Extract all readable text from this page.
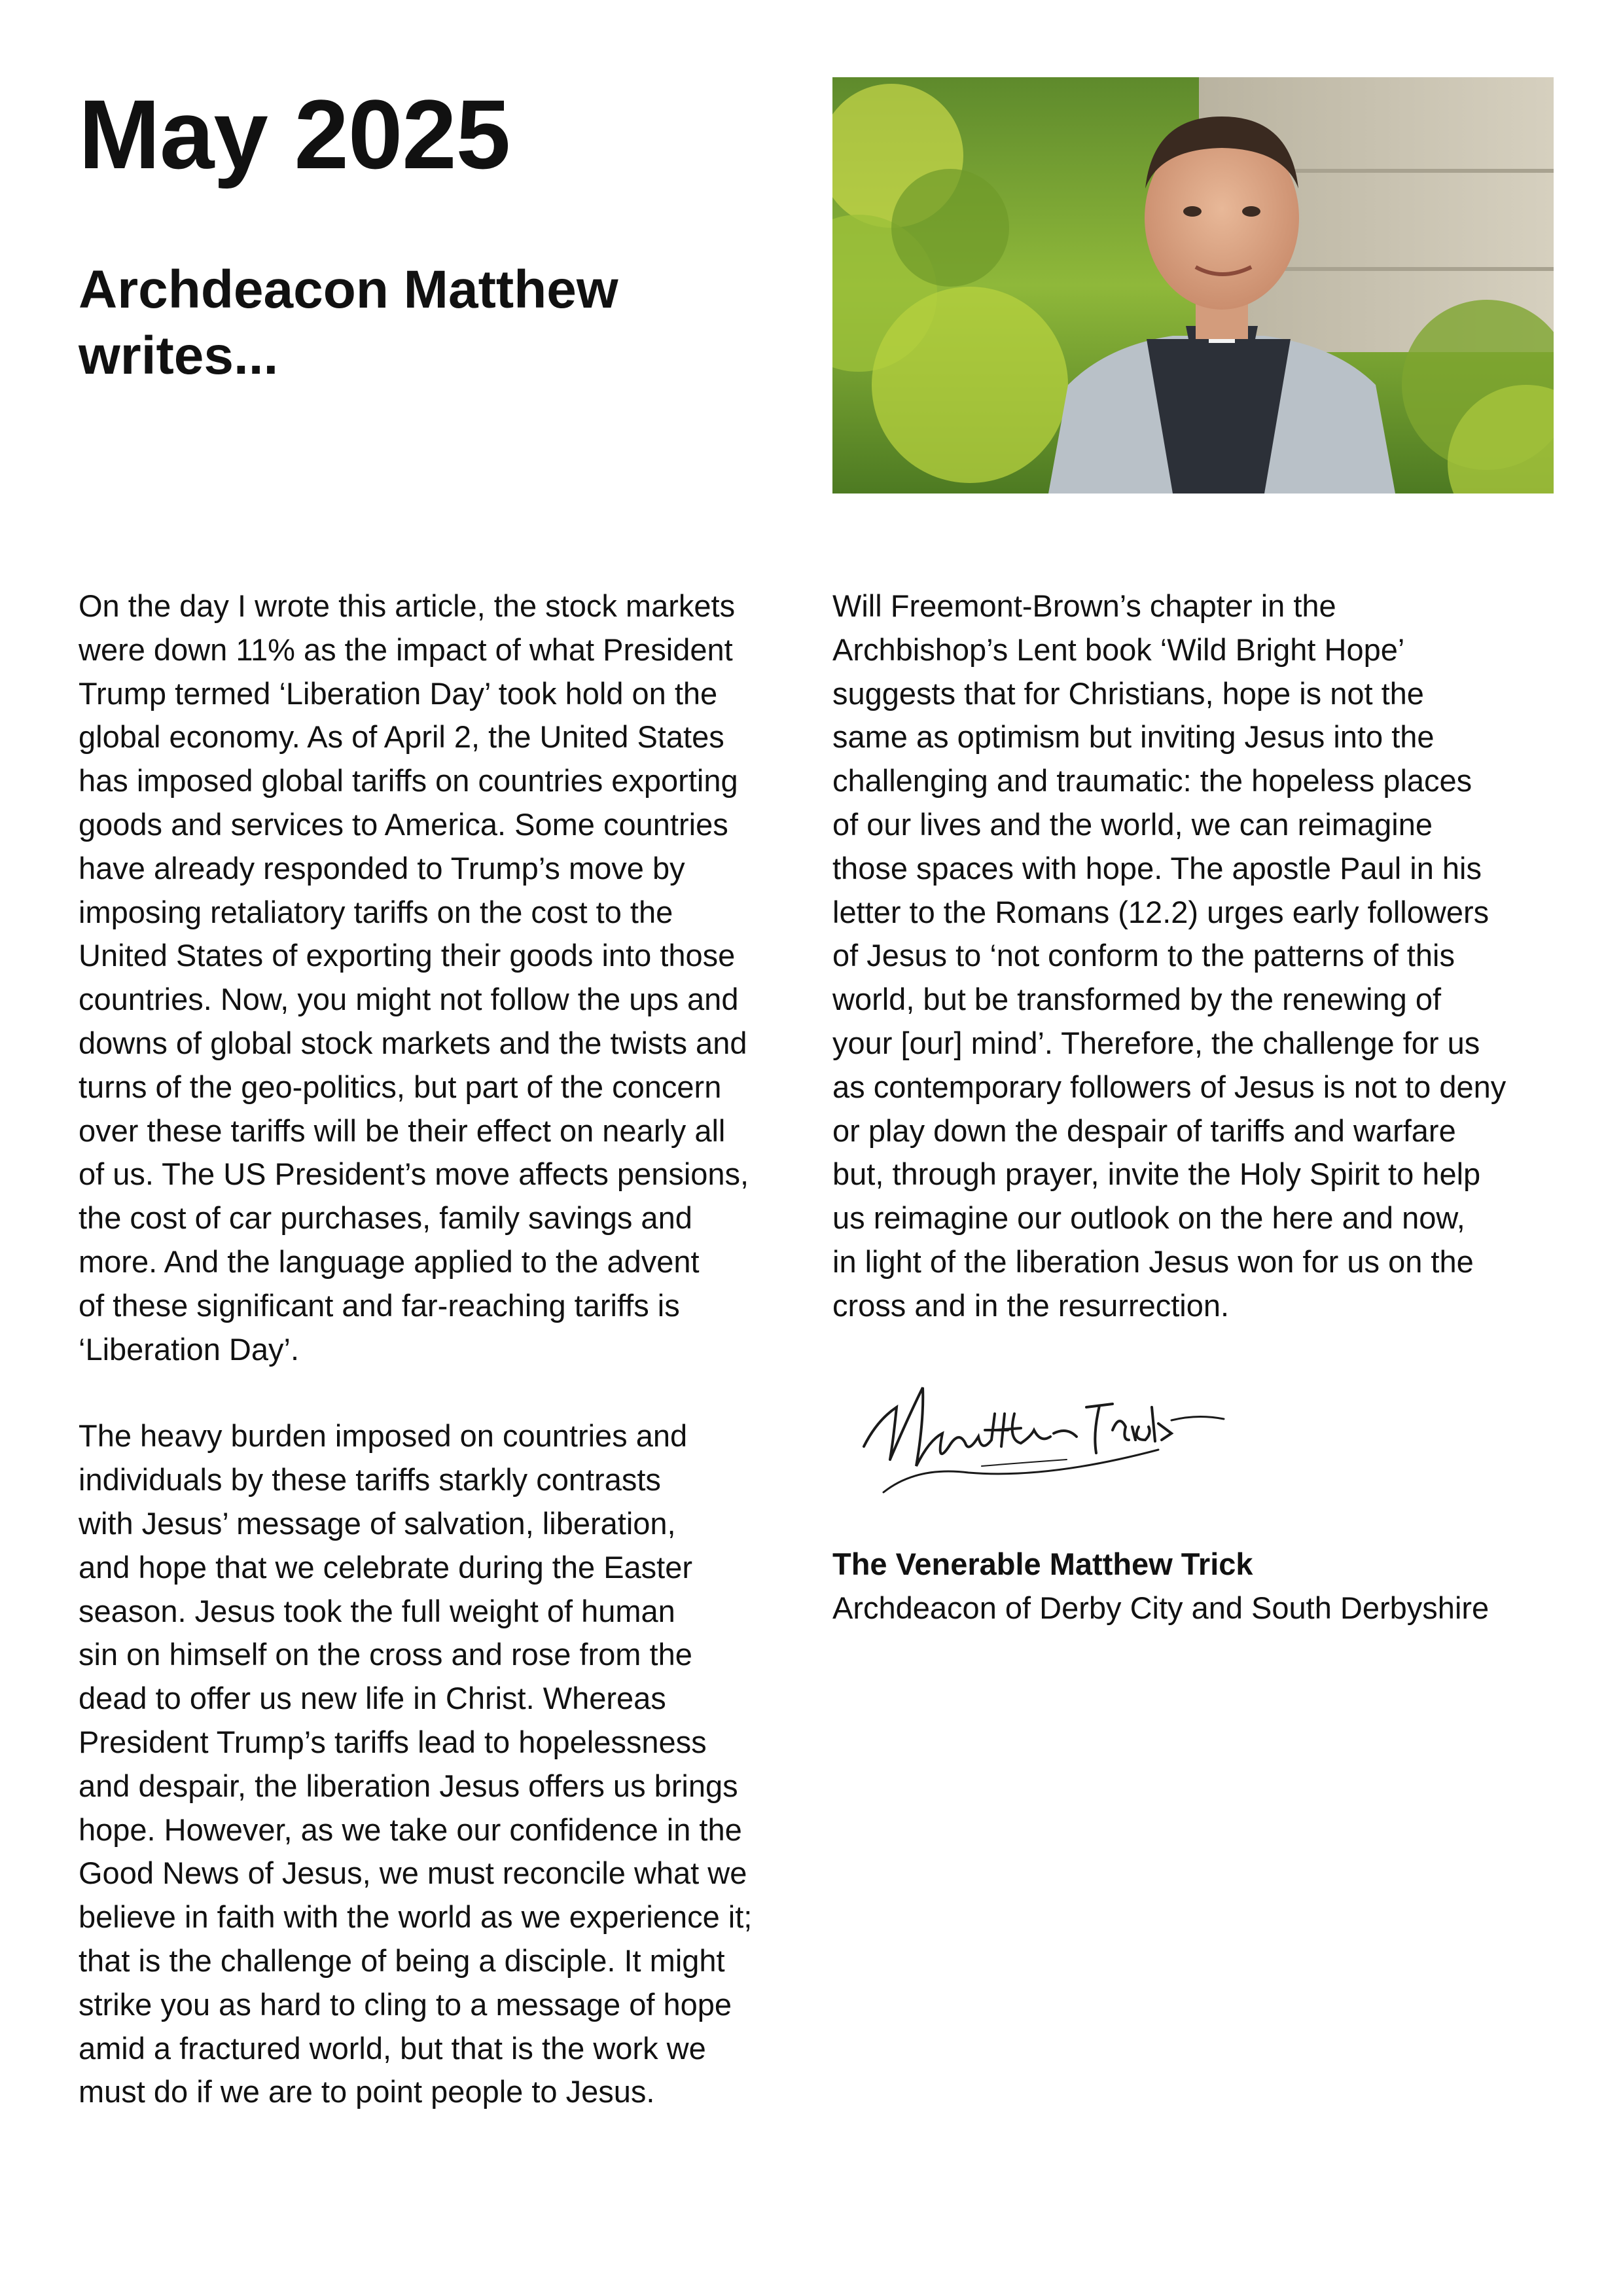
May 2025
Archdeacon Matthew writes...

On the day I wrote this article, the stock markets
were down 11% as the impact of what President
Trump termed ‘Liberation Day’ took hold on the
global economy. As of April 2, the United States
has imposed global tariffs on countries exporting
goods and services to America. Some countries
have already responded to Trump’s move by
imposing retaliatory tariffs on the cost to the
United States of exporting their goods into those
countries. Now, you might not follow the ups and
downs of global stock markets and the twists and
turns of the geo-politics, but part of the concern
over these tariffs will be their effect on nearly all
of us. The US President’s move affects pensions,
the cost of car purchases, family savings and
more. And the language applied to the advent
of these significant and far-reaching tariffs is
‘Liberation Day’.

The heavy burden imposed on countries and
individuals by these tariffs starkly contrasts
with Jesus’ message of salvation, liberation,
and hope that we celebrate during the Easter
season. Jesus took the full weight of human
sin on himself on the cross and rose from the
dead to offer us new life in Christ. Whereas
President Trump’s tariffs lead to hopelessness
and despair, the liberation Jesus offers us brings
hope. However, as we take our confidence in the
Good News of Jesus, we must reconcile what we
believe in faith with the world as we experience it;
that is the challenge of being a disciple. It might
strike you as hard to cling to a message of hope
amid a fractured world, but that is the work we
must do if we are to point people to Jesus.

Will Freemont-Brown’s chapter in the
Archbishop’s Lent book ‘Wild Bright Hope’
suggests that for Christians, hope is not the
same as optimism but inviting Jesus into the
challenging and traumatic: the hopeless places
of our lives and the world, we can reimagine
those spaces with hope. The apostle Paul in his
letter to the Romans (12.2) urges early followers
of Jesus to ‘not conform to the patterns of this
world, but be transformed by the renewing of
your [our] mind’. Therefore, the challenge for us
as contemporary followers of Jesus is not to deny
or play down the despair of tariffs and warfare
but, through prayer, invite the Holy Spirit to help
us reimagine our outlook on the here and now,
in light of the liberation Jesus won for us on the
cross and in the resurrection.

The Venerable Matthew Trick
Archdeacon of Derby City and South Derbyshire
